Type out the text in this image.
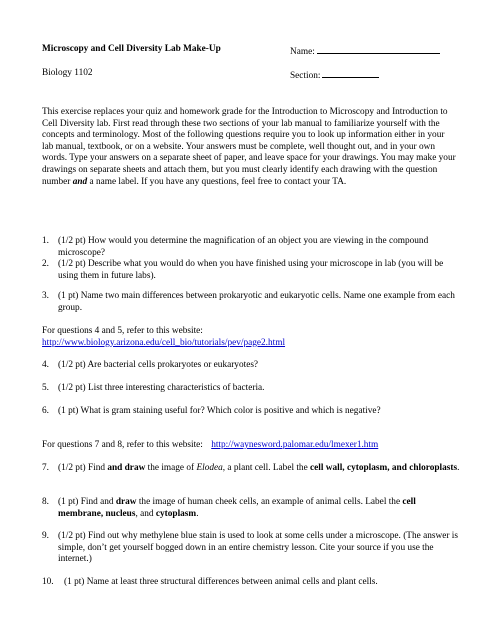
Microscopy and Cell Diversity Lab Make-Up
Biology 1102
Name:
Section:

This exercise replaces your quiz and homework grade for the Introduction to Microscopy and Introduction to Cell Diversity lab. First read through these two sections of your lab manual to familiarize yourself with the concepts and terminology. Most of the following questions require you to look up information either in your lab manual, textbook, or on a website. Your answers must be complete, well thought out, and in your own words. Type your answers on a separate sheet of paper, and leave space for your drawings. You may make your drawings on separate sheets and attach them, but you must clearly identify each drawing with the question number and a name label. If you have any questions, feel free to contact your TA.

1. (1/2 pt) How would you determine the magnification of an object you are viewing in the compound microscope?
2. (1/2 pt) Describe what you would do when you have finished using your microscope in lab (you will be using them in future labs).
3. (1 pt) Name two main differences between prokaryotic and eukaryotic cells. Name one example from each group.
For questions 4 and 5, refer to this website:
http://www.biology.arizona.edu/cell_bio/tutorials/pev/page2.html
4. (1/2 pt) Are bacterial cells prokaryotes or eukaryotes?
5. (1/2 pt) List three interesting characteristics of bacteria.
6. (1 pt) What is gram staining useful for? Which color is positive and which is negative?
For questions 7 and 8, refer to this website: http://waynesword.palomar.edu/lmexer1.htm
7. (1/2 pt) Find and draw the image of Elodea, a plant cell. Label the cell wall, cytoplasm, and chloroplasts.
8. (1 pt) Find and draw the image of human cheek cells, an example of animal cells. Label the cell membrane, nucleus, and cytoplasm.
9. (1/2 pt) Find out why methylene blue stain is used to look at some cells under a microscope. (The answer is simple, don’t get yourself bogged down in an entire chemistry lesson. Cite your source if you use the internet.)
10.	(1 pt) Name at least three structural differences between animal cells and plant cells.
